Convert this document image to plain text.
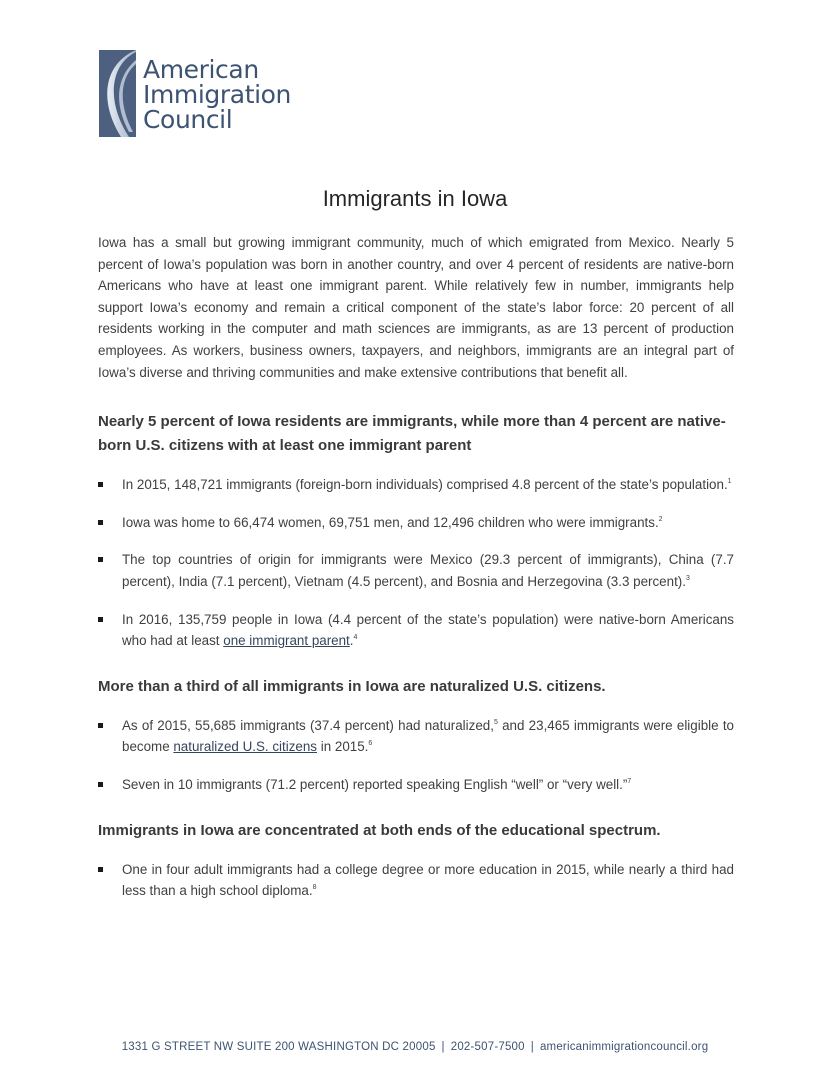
American
Immigration
Council
Immigrants in Iowa

Iowa has a small but growing immigrant community, much of which emigrated from Mexico. Nearly 5 percent of Iowa’s population was born in another country, and over 4 percent of residents are native-born Americans who have at least one immigrant parent. While relatively few in number, immigrants help support Iowa’s economy and remain a critical component of the state’s labor force: 20 percent of all residents working in the computer and math sciences are immigrants, as are 13 percent of production employees. As workers, business owners, taxpayers, and neighbors, immigrants are an integral part of Iowa’s diverse and thriving communities and make extensive contributions that benefit all.

Nearly 5 percent of Iowa residents are immigrants, while more than 4 percent are native-born U.S. citizens with at least one immigrant parent
In 2015, 148,721 immigrants (foreign-born individuals) comprised 4.8 percent of the state’s population.$^1$
Iowa was home to 66,474 women, 69,751 men, and 12,496 children who were immigrants.$^2$
The top countries of origin for immigrants were Mexico (29.3 percent of immigrants), China (7.7 percent), India (7.1 percent), Vietnam (4.5 percent), and Bosnia and Herzegovina (3.3 percent).$^3$
In 2016, 135,759 people in Iowa (4.4 percent of the state’s population) were native-born Americans who had at least one immigrant parent.$^4$
More than a third of all immigrants in Iowa are naturalized U.S. citizens.
As of 2015, 55,685 immigrants (37.4 percent) had naturalized,$^5$ and 23,465 immigrants were eligible to become naturalized U.S. citizens in 2015.$^6$
Seven in 10 immigrants (71.2 percent) reported speaking English “well” or “very well.”$^7$
Immigrants in Iowa are concentrated at both ends of the educational spectrum.
One in four adult immigrants had a college degree or more education in 2015, while nearly a third had less than a high school diploma.$^8$
1331 G STREET NW SUITE 200 WASHINGTON DC 20005 | 202-507-7500 | americanimmigrationcouncil.org
